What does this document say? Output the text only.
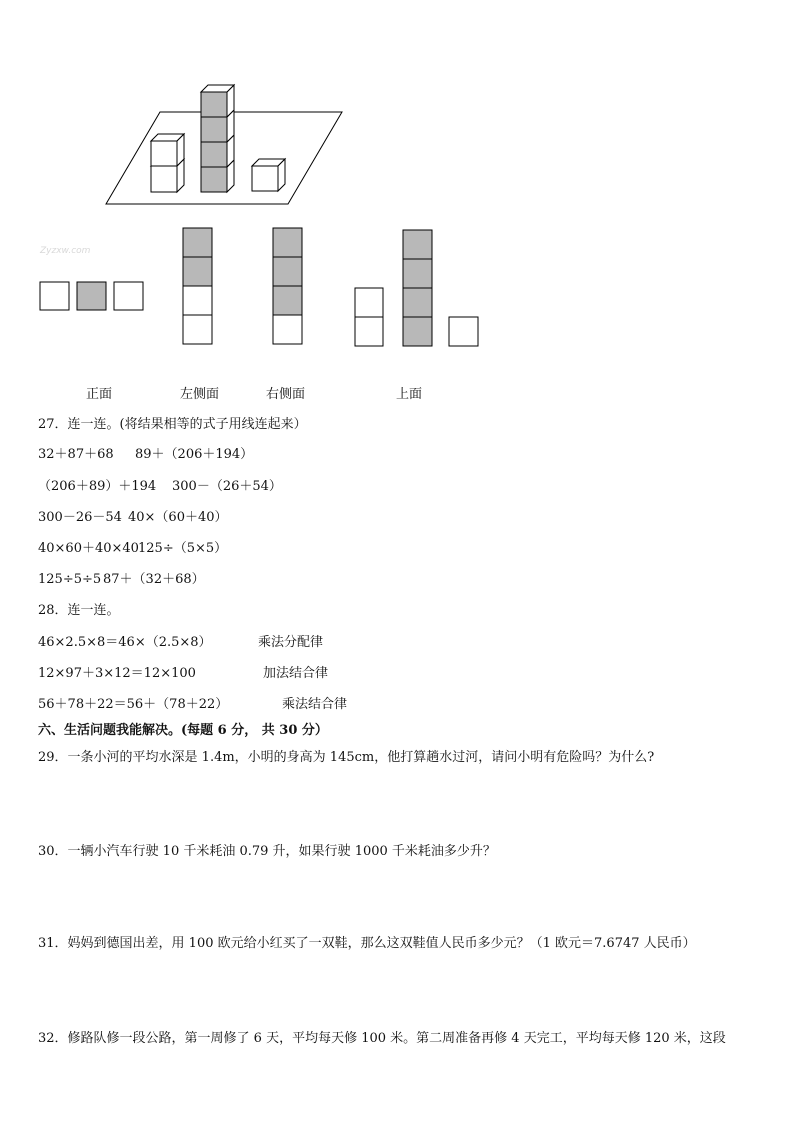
Zyzxw.com
正面	左侧面	右侧面	上面
27．连一连。(将结果相等的式子用线连起来）
32＋87＋68 89＋（206＋194）
（206＋89）＋194 300－（26＋54）
300－26－54 40×（60＋40）
40×60＋40×40 125÷（5×5）
125÷5÷5 87＋（32＋68）
28．连一连。
46×2.5×8＝46×（2.5×8）	乘法分配律
12×97＋3×12＝12×100	加法结合律
56＋78＋22＝56＋（78＋22）	乘法结合律
六、生活问题我能解决。(每题 6 分， 共 30 分）
29．一条小河的平均水深是 1.4m，小明的身高为 145cm，他打算趟水过河，请问小明有危险吗？为什么?
30．一辆小汽车行驶 10 千米耗油 0.79 升，如果行驶 1000 千米耗油多少升？
31．妈妈到德国出差，用 100 欧元给小红买了一双鞋，那么这双鞋值人民币多少元？（1 欧元＝7.6747 人民币）
32．修路队修一段公路，第一周修了 6 天，平均每天修 100 米。第二周准备再修 4 天完工，平均每天修 120 米，这段
